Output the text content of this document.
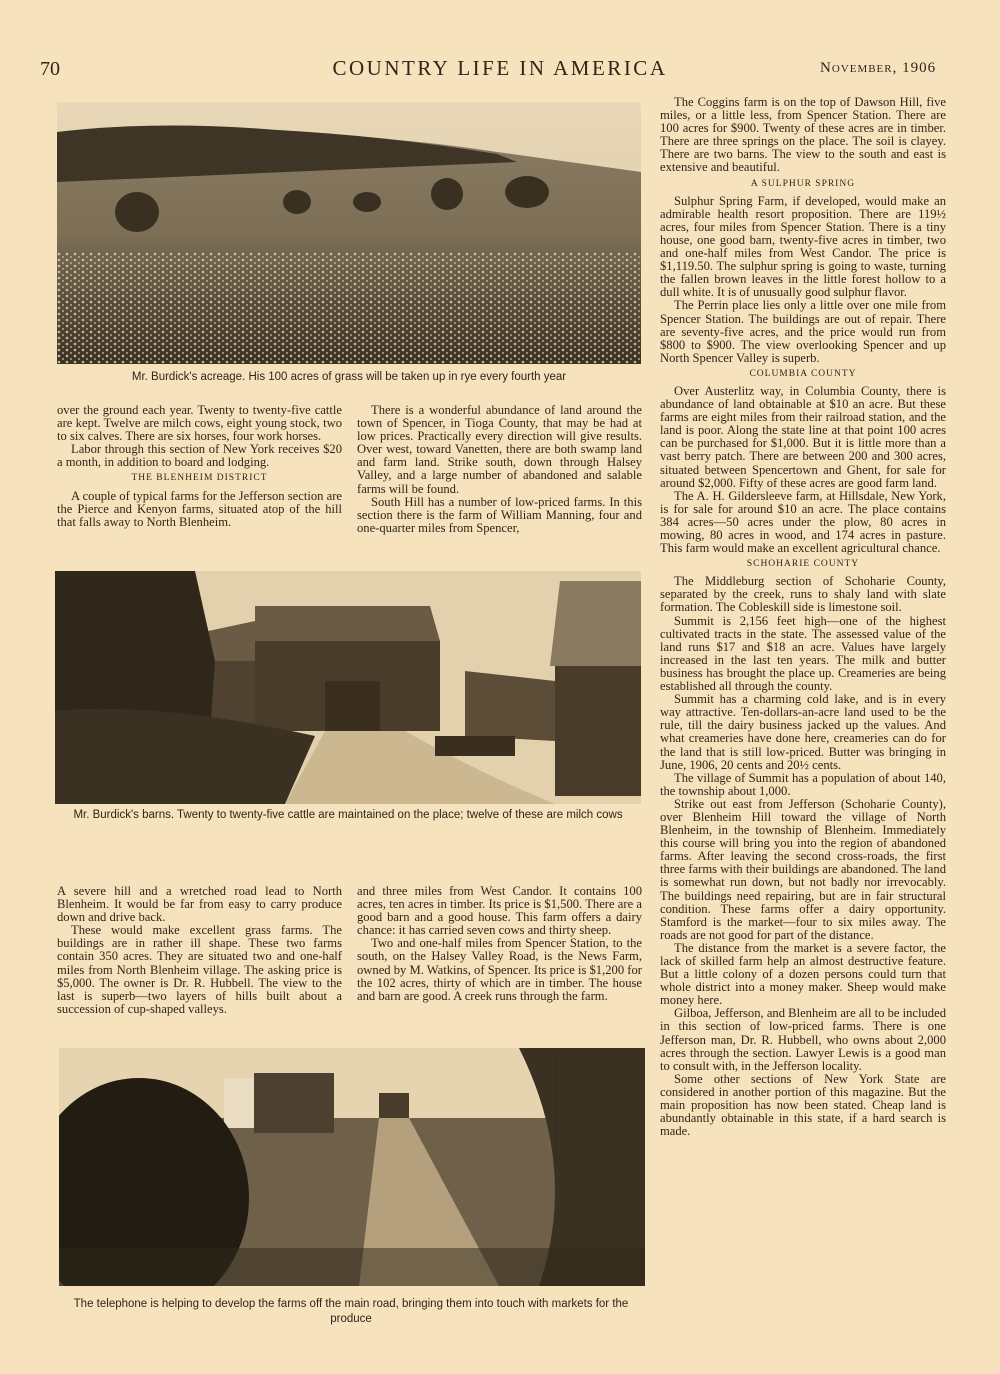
70	COUNTRY LIFE IN AMERICA	November, 1906
Mr. Burdick's acreage. His 100 acres of grass will be taken up in rye every fourth year

over the ground each year. Twenty to twenty-five cattle are kept. Twelve are milch cows, eight young stock, two to six calves. There are six horses, four work horses.

Labor through this section of New York receives $20 a month, in addition to board and lodging.

THE BLENHEIM DISTRICT

A couple of typical farms for the Jefferson section are the Pierce and Kenyon farms, situated atop of the hill that falls away to North Blenheim.

There is a wonderful abundance of land around the town of Spencer, in Tioga County, that may be had at low prices. Practically every direction will give results. Over west, toward Vanetten, there are both swamp land and farm land. Strike south, down through Halsey Valley, and a large number of abandoned and salable farms will be found.

South Hill has a number of low-priced farms. In this section there is the farm of William Manning, four and one-quarter miles from Spencer,

Mr. Burdick's barns. Twenty to twenty-five cattle are maintained on the place; twelve of these are milch cows

A severe hill and a wretched road lead to North Blenheim. It would be far from easy to carry produce down and drive back.

These would make excellent grass farms. The buildings are in rather ill shape. These two farms contain 350 acres. They are situated two and one-half miles from North Blenheim village. The asking price is $5,000. The owner is Dr. R. Hubbell. The view to the last is superb—two layers of hills built about a succession of cup-shaped valleys.

and three miles from West Candor. It contains 100 acres, ten acres in timber. Its price is $1,500. There are a good barn and a good house. This farm offers a dairy chance: it has carried seven cows and thirty sheep.

Two and one-half miles from Spencer Station, to the south, on the Halsey Valley Road, is the News Farm, owned by M. Watkins, of Spencer. Its price is $1,200 for the 102 acres, thirty of which are in timber. The house and barn are good. A creek runs through the farm.

The telephone is helping to develop the farms off the main road, bringing them into touch with markets for the produce

The Coggins farm is on the top of Dawson Hill, five miles, or a little less, from Spencer Station. There are 100 acres for $900. Twenty of these acres are in timber. There are three springs on the place. The soil is clayey. There are two barns. The view to the south and east is extensive and beautiful.

A SULPHUR SPRING

Sulphur Spring Farm, if developed, would make an admirable health resort proposition. There are 119½ acres, four miles from Spencer Station. There is a tiny house, one good barn, twenty-five acres in timber, two and one-half miles from West Candor. The price is $1,119.50. The sulphur spring is going to waste, turning the fallen brown leaves in the little forest hollow to a dull white. It is of unusually good sulphur flavor.

The Perrin place lies only a little over one mile from Spencer Station. The buildings are out of repair. There are seventy-five acres, and the price would run from $800 to $900. The view overlooking Spencer and up North Spencer Valley is superb.

COLUMBIA COUNTY

Over Austerlitz way, in Columbia County, there is abundance of land obtainable at $10 an acre. But these farms are eight miles from their railroad station, and the land is poor. Along the state line at that point 100 acres can be purchased for $1,000. But it is little more than a vast berry patch. There are between 200 and 300 acres, situated between Spencertown and Ghent, for sale for around $2,000. Fifty of these acres are good farm land.

The A. H. Gildersleeve farm, at Hillsdale, New York, is for sale for around $10 an acre. The place contains 384 acres—50 acres under the plow, 80 acres in mowing, 80 acres in wood, and 174 acres in pasture. This farm would make an excellent agricultural chance.

SCHOHARIE COUNTY

The Middleburg section of Schoharie County, separated by the creek, runs to shaly land with slate formation. The Cobleskill side is limestone soil.

Summit is 2,156 feet high—one of the highest cultivated tracts in the state. The assessed value of the land runs $17 and $18 an acre. Values have largely increased in the last ten years. The milk and butter business has brought the place up. Creameries are being established all through the county.

Summit has a charming cold lake, and is in every way attractive. Ten-dollars-an-acre land used to be the rule, till the dairy business jacked up the values. And what creameries have done here, creameries can do for the land that is still low-priced. Butter was bringing in June, 1906, 20 cents and 20½ cents.

The village of Summit has a population of about 140, the township about 1,000.

Strike out east from Jefferson (Schoharie County), over Blenheim Hill toward the village of North Blenheim, in the township of Blenheim. Immediately this course will bring you into the region of abandoned farms. After leaving the second cross-roads, the first three farms with their buildings are abandoned. The land is somewhat run down, but not badly nor irrevocably. The buildings need repairing, but are in fair structural condition. These farms offer a dairy opportunity. Stamford is the market—four to six miles away. The roads are not good for part of the distance.

The distance from the market is a severe factor, the lack of skilled farm help an almost destructive feature. But a little colony of a dozen persons could turn that whole district into a money maker. Sheep would make money here.

Gilboa, Jefferson, and Blenheim are all to be included in this section of low-priced farms. There is one Jefferson man, Dr. R. Hubbell, who owns about 2,000 acres through the section. Lawyer Lewis is a good man to consult with, in the Jefferson locality.

Some other sections of New York State are considered in another portion of this magazine. But the main proposition has now been stated. Cheap land is abundantly obtainable in this state, if a hard search is made.
